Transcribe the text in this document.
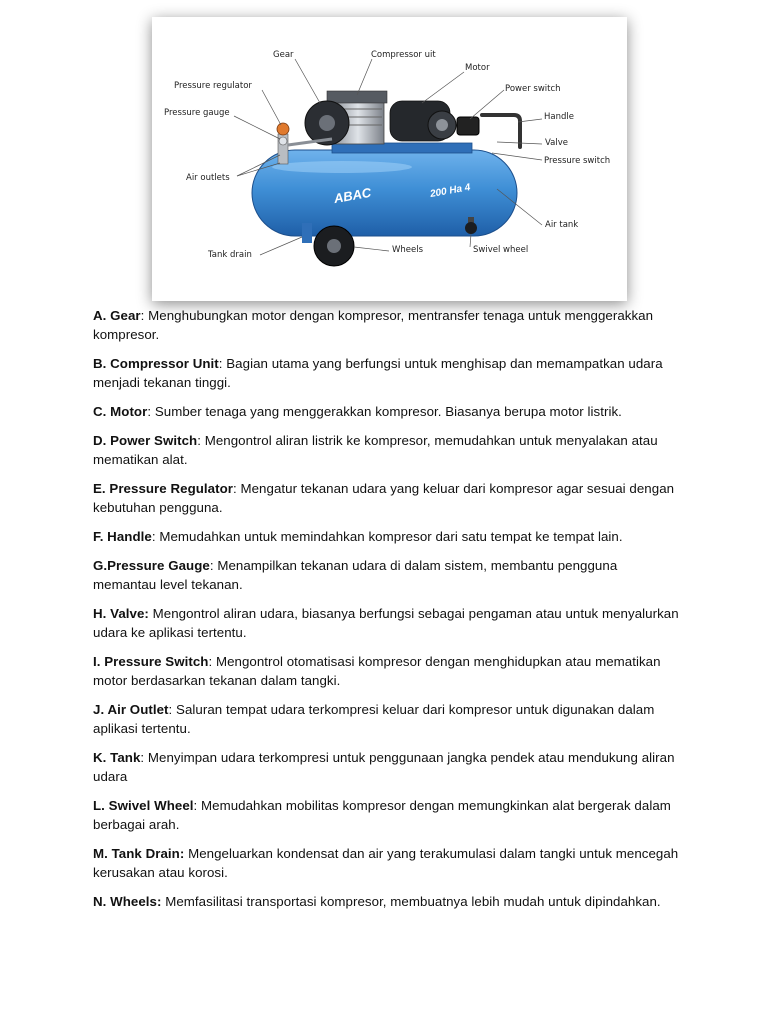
ABAC	200 Ha 4
Gear	Compressor uit
Motor
Power switch
Pressure regulator
Pressure gauge	Handle
Valve
Pressure switch
Air outlets
Air tank
Tank drain	Wheels	Swivel wheel

A. Gear: Menghubungkan motor dengan kompresor, mentransfer tenaga untuk menggerakkan kompresor.

B. Compressor Unit: Bagian utama yang berfungsi untuk menghisap dan memampatkan udara menjadi tekanan tinggi.

C. Motor: Sumber tenaga yang menggerakkan kompresor. Biasanya berupa motor listrik.

D. Power Switch: Mengontrol aliran listrik ke kompresor, memudahkan untuk menyalakan atau mematikan alat.

E. Pressure Regulator: Mengatur tekanan udara yang keluar dari kompresor agar sesuai dengan kebutuhan pengguna.

F. Handle: Memudahkan untuk memindahkan kompresor dari satu tempat ke tempat lain.

G.Pressure Gauge: Menampilkan tekanan udara di dalam sistem, membantu pengguna memantau level tekanan.

H. Valve: Mengontrol aliran udara, biasanya berfungsi sebagai pengaman atau untuk menyalurkan udara ke aplikasi tertentu.

I. Pressure Switch: Mengontrol otomatisasi kompresor dengan menghidupkan atau mematikan motor berdasarkan tekanan dalam tangki.

J. Air Outlet: Saluran tempat udara terkompresi keluar dari kompresor untuk digunakan dalam aplikasi tertentu.

K. Tank: Menyimpan udara terkompresi untuk penggunaan jangka pendek atau mendukung aliran udara

L. Swivel Wheel: Memudahkan mobilitas kompresor dengan memungkinkan alat bergerak dalam berbagai arah.

M. Tank Drain: Mengeluarkan kondensat dan air yang terakumulasi dalam tangki untuk mencegah kerusakan atau korosi.

N. Wheels: Memfasilitasi transportasi kompresor, membuatnya lebih mudah untuk dipindahkan.
